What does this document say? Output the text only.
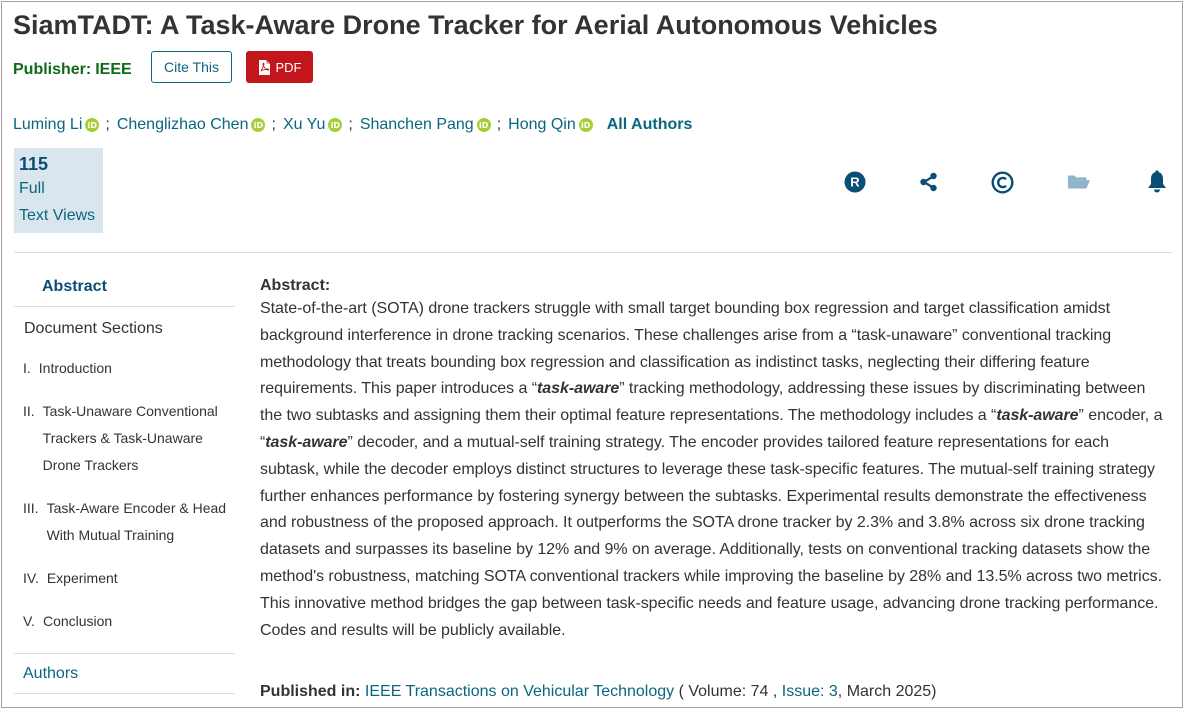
SiamTADT: A Task-Aware Drone Tracker for Aerial Autonomous Vehicles
Publisher: IEEE	Cite This	PDF
Luming Li iD ; Chenglizhao Chen iD ; Xu Yu iD ; Shanchen Pang iD ; Hong Qin iD All Authors
115
Full
Text Views
R
Abstract
Document Sections
I. Introduction
II. Task-Unaware Conventional Trackers & Task-Unaware Drone Trackers
III. Task-Aware Encoder & Head With Mutual Training
IV. Experiment
V. Conclusion
Authors
Abstract:

State-of-the-art (SOTA) drone trackers struggle with small target bounding box regression and target classification amidst background interference in drone tracking scenarios. These challenges arise from a “task-unaware” conventional tracking methodology that treats bounding box regression and classification as indistinct tasks, neglecting their differing feature requirements. This paper introduces a “task-aware” tracking methodology, addressing these issues by discriminating between the two subtasks and assigning them their optimal feature representations. The methodology includes a “task-aware” encoder, a “task-aware” decoder, and a mutual-self training strategy. The encoder provides tailored feature representations for each subtask, while the decoder employs distinct structures to leverage these task-specific features. The mutual-self training strategy further enhances performance by fostering synergy between the subtasks. Experimental results demonstrate the effectiveness and robustness of the proposed approach. It outperforms the SOTA drone tracker by 2.3% and 3.8% across six drone tracking datasets and surpasses its baseline by 12% and 9% on average. Additionally, tests on conventional tracking datasets show the method's robustness, matching SOTA conventional trackers while improving the baseline by 28% and 13.5% across two metrics. This innovative method bridges the gap between task-specific needs and feature usage, advancing drone tracking performance. Codes and results will be publicly available.

Published in: IEEE Transactions on Vehicular Technology ( Volume: 74 , Issue: 3, March 2025)
